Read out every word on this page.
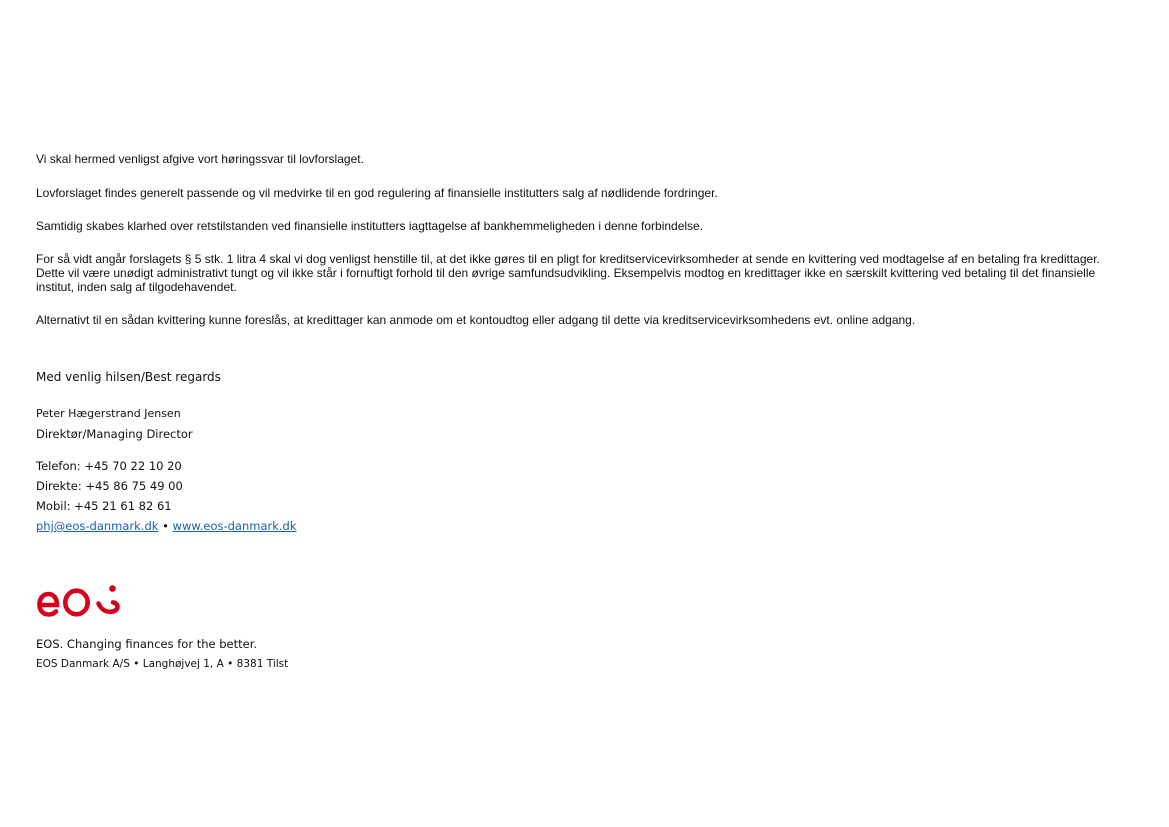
Vi skal hermed venligst afgive vort høringssvar til lovforslaget.

Lovforslaget findes generelt passende og vil medvirke til en god regulering af finansielle institutters salg af nødlidende fordringer.

Samtidig skabes klarhed over retstilstanden ved finansielle institutters iagttagelse af bankhemmeligheden i denne forbindelse.

For så vidt angår forslagets § 5 stk. 1 litra 4 skal vi dog venligst henstille til, at det ikke gøres til en pligt for kreditservicevirksomheder at sende en kvittering ved modtagelse af en betaling fra kredittager. Dette vil være unødigt administrativt tungt og vil ikke står i fornuftigt forhold til den øvrige samfundsudvikling. Eksempelvis modtog en kredittager ikke en særskilt kvittering ved betaling til det finansielle institut, inden salg af tilgodehavendet.

Alternativt til en sådan kvittering kunne foreslås, at kredittager kan anmode om et kontoudtog eller adgang til dette via kreditservicevirksomhedens evt. online adgang.

Med venlig hilsen/Best regards

Peter Hægerstrand Jensen

Direktør/Managing Director

Telefon: +45 70 22 10 20

Direkte: +45 86 75 49 00

Mobil: +45 21 61 82 61

phj@eos-danmark.dk • www.eos-danmark.dk

EOS. Changing finances for the better.

EOS Danmark A/S • Langhøjvej 1, A • 8381 Tilst
